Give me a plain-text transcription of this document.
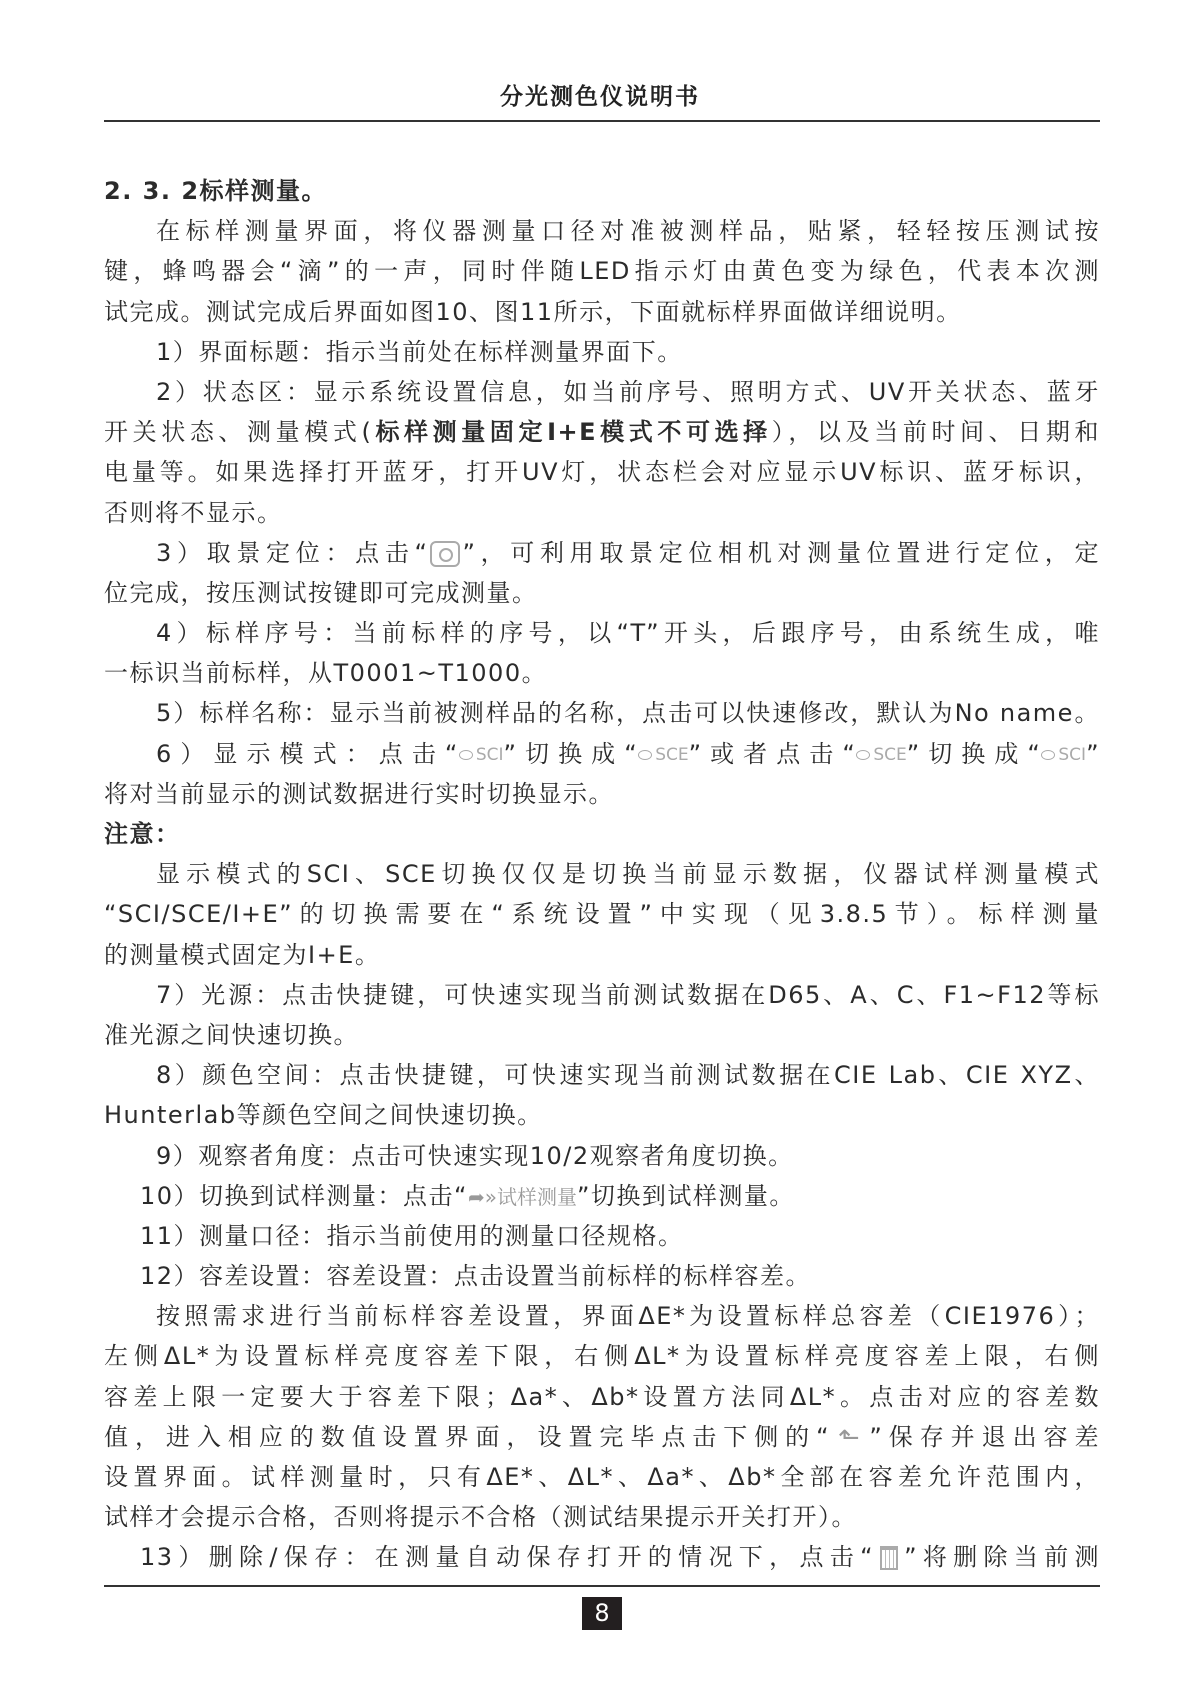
分光测色仪说明书
2. 3. 2标样测量。
在标样测量界面，将仪器测量口径对准被测样品，贴紧，轻轻按压测试按
键，蜂鸣器会“滴”的一声，同时伴随LED指示灯由黄色变为绿色，代表本次测
试完成。测试完成后界面如图10、图11所示，下面就标样界面做详细说明。
1）界面标题：指示当前处在标样测量界面下。
2）状态区：显示系统设置信息，如当前序号、照明方式、UV开关状态、蓝牙
开关状态、测量模式(标样测量固定I+E模式不可选择），以及当前时间、日期和
电量等。如果选择打开蓝牙，打开UV灯，状态栏会对应显示UV标识、蓝牙标识，
否则将不显示。
3）取景定位：点击“ ”，可利用取景定位相机对测量位置进行定位，定
位完成，按压测试按键即可完成测量。
4）标样序号：当前标样的序号，以“T”开头，后跟序号，由系统生成，唯
一标识当前标样，从T0001~T1000。
5）标样名称：显示当前被测样品的名称，点击可以快速修改，默认为No name。
6）显示模式：点击“ SCI”切换成“ SCE”或者点击“ SCE”切换成“ SCI”
将对当前显示的测试数据进行实时切换显示。
注意：
显示模式的SCI、SCE切换仅仅是切换当前显示数据，仪器试样测量模式
“SCI/SCE/I+E”的切换需要在“系统设置”中实现（见3.8.5节）。标样测量
的测量模式固定为I+E。
7）光源：点击快捷键，可快速实现当前测试数据在D65、A、C、F1~F12等标
准光源之间快速切换。
8）颜色空间：点击快捷键，可快速实现当前测试数据在CIE Lab、CIE XYZ、
Hunterlab等颜色空间之间快速切换。
9）观察者角度：点击可快速实现10/2观察者角度切换。
10）切换到试样测量：点击“➦»试样测量”切换到试样测量。
11）测量口径：指示当前使用的测量口径规格。
12）容差设置：容差设置：点击设置当前标样的标样容差。
按照需求进行当前标样容差设置，界面ΔE*为设置标样总容差（CIE1976）；
左侧ΔL*为设置标样亮度容差下限，右侧ΔL*为设置标样亮度容差上限，右侧
容差上限一定要大于容差下限；Δa*、Δb*设置方法同ΔL*。点击对应的容差数
值，进入相应的数值设置界面，设置完毕点击下侧的“ ⬑ ”保存并退出容差
设置界面。试样测量时，只有ΔE*、ΔL*、Δa*、Δb*全部在容差允许范围内，
试样才会提示合格，否则将提示不合格（测试结果提示开关打开）。
13）删除/保存：在测量自动保存打开的情况下，点击“ ”将删除当前测
8
